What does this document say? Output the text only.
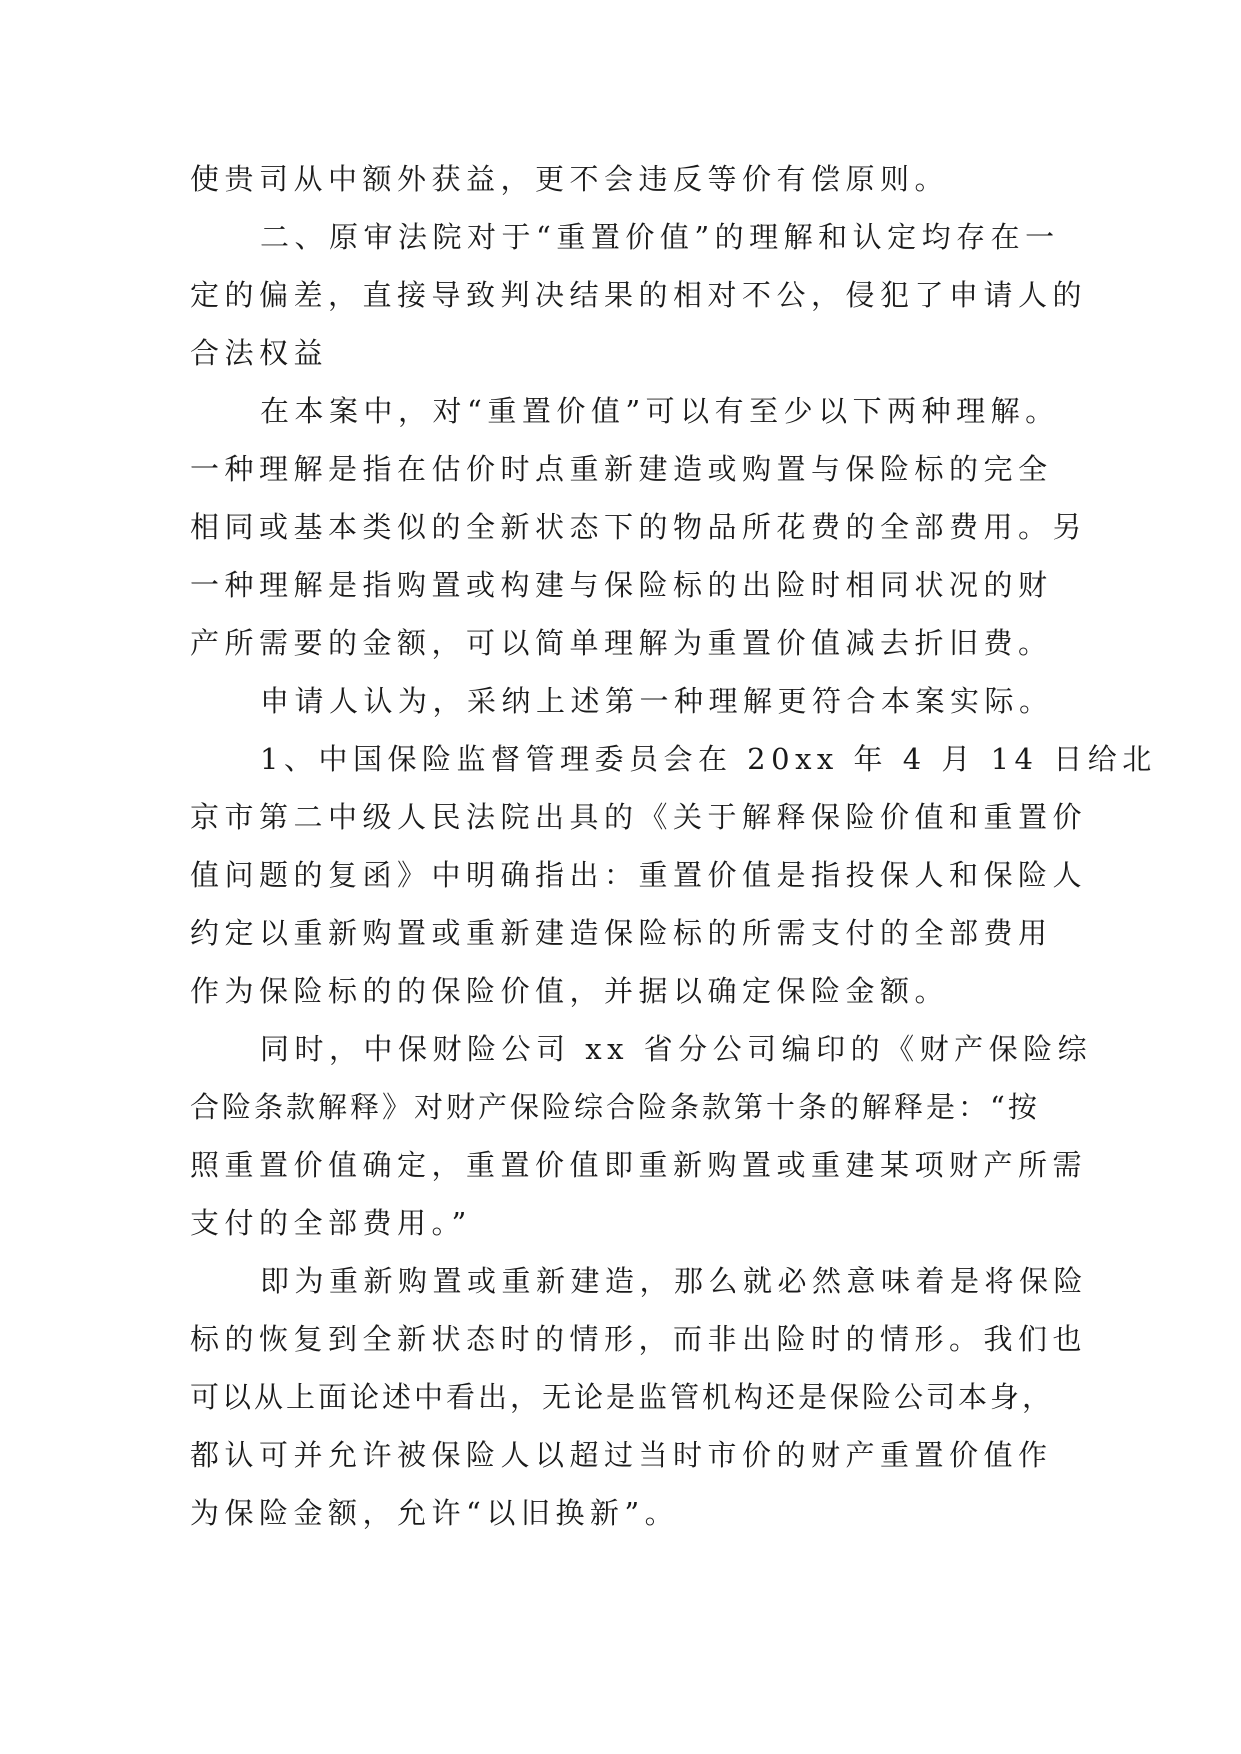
使贵司从中额外获益，更不会违反等价有偿原则。
二、原审法院对于“重置价值”的理解和认定均存在一
定的偏差，直接导致判决结果的相对不公，侵犯了申请人的
合法权益
在本案中，对“重置价值”可以有至少以下两种理解。
一种理解是指在估价时点重新建造或购置与保险标的完全
相同或基本类似的全新状态下的物品所花费的全部费用。另
一种理解是指购置或构建与保险标的出险时相同状况的财
产所需要的金额，可以简单理解为重置价值减去折旧费。
申请人认为，采纳上述第一种理解更符合本案实际。
1、中国保险监督管理委员会在 20xx 年 4 月 14 日给北
京市第二中级人民法院出具的《关于解释保险价值和重置价
值问题的复函》中明确指出：重置价值是指投保人和保险人
约定以重新购置或重新建造保险标的所需支付的全部费用
作为保险标的的保险价值，并据以确定保险金额。
同时，中保财险公司 xx 省分公司编印的《财产保险综
合险条款解释》对财产保险综合险条款第十条的解释是：“按
照重置价值确定，重置价值即重新购置或重建某项财产所需
支付的全部费用。”
即为重新购置或重新建造，那么就必然意味着是将保险
标的恢复到全新状态时的情形，而非出险时的情形。我们也
可以从上面论述中看出，无论是监管机构还是保险公司本身，
都认可并允许被保险人以超过当时市价的财产重置价值作
为保险金额，允许“以旧换新”。
